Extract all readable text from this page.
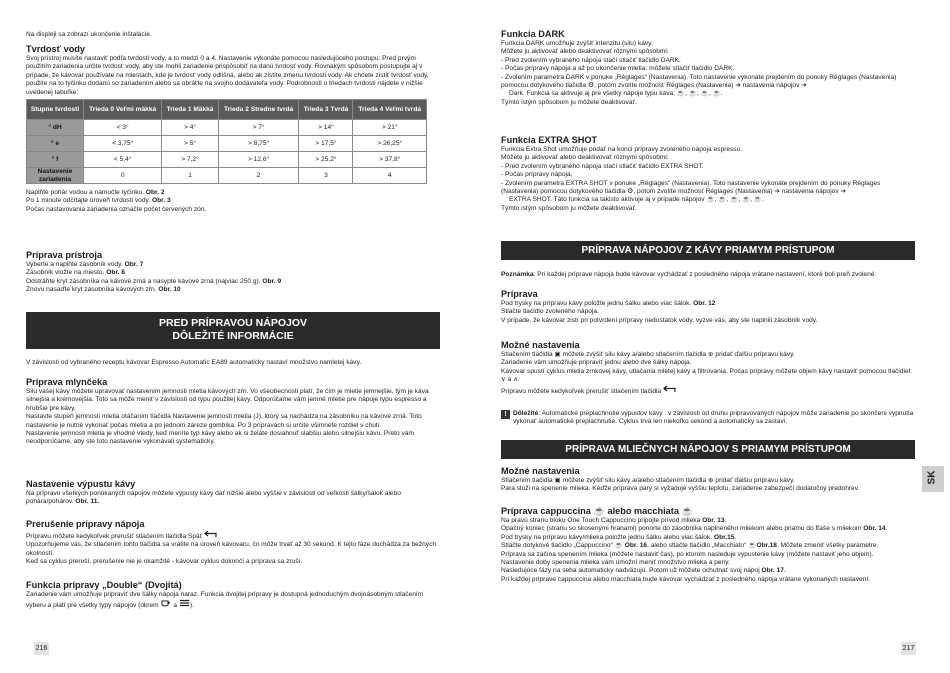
Na displeji sa zobrazí ukončenie inštalácie.

Tvrdosť vody

Svoj prístroj musíte nastaviť podľa tvrdosti vody, a to medzi 0 a 4. Nastavenie vykonáte pomocou nasledujúceho postupu: Pred prvým použitím zariadenia určite tvrdosť vody, aby ste mohli zariadenie prispôsobiť na danú tvrdosť vody. Rovnakým spôsobom postupujte aj v prípade, že kávovar používate na miestach, kde je tvrdosť vody odlišná, alebo ak zistíte zmenu tvrdosti vody. Ak chcete zistiť tvrdosť vody, použite na to tyčinku dodanú so zariadením alebo sa obráťte na svojho dodávateľa vody. Podrobnosti o triedach tvrdosti nájdete v nižšie uvedenej tabuľke:

Stupne tvrdosti	Trieda 0 Veľmi mäkká	Trieda 1 Mäkká	Trieda 2 Stredne tvrdá	Trieda 3 Tvrdá	Trieda 4 Veľmi tvrdá
° dH	< 3°	> 4°	> 7°	> 14°	> 21°
° e	< 3,75°	> 5°	> 8,75°	> 17,5°	> 26,25°
° f	< 5,4°	> 7,2°	> 12,6°	> 25,2°	> 37,8°
Nastavenie zariadenia	0	1	2	3	4

Naplňte pohár vodou a namočte tyčinku. Obr. 2

Po 1 minúte odčítajte úroveň tvrdosti vody. Obr. 3

Počas nastavovania zariadenia označte počet červených zón.

Príprava prístroja

Vyberte a naplňte zásobník vody. Obr. 7

Zásobník vložte na miesto. Obr. 8

Odstráňte kryt zásobníka na kávové zrná a nasypte kávové zrná (najviac 250 g). Obr. 9

Znovu nasaďte kryt zásobníka kávových zŕn. Obr. 10

PRED PRÍPRAVOU NÁPOJOV
DÔLEŽITÉ INFORMÁCIE

V závislosti od vybraného receptu kávovar Espresso Automatic EA89 automaticky nastaví množstvo namletej kávy.

Príprava mlynčeka

Silu vašej kávy môžete upravovať nastavením jemnosti mletia kávových zŕn. Vo všeobecnosti platí, že čím je mletie jemnejšie, tým je káva silnejšia a krémovejšia. Toto sa môže meniť v závislosti od typu použitej kávy. Odporúčame vám jemné mletie pre nápoje typu espresso a hrubšie pre kávy.

Nastavte stupeň jemnosti mletia otáčaním tlačidla Nastavenie jemnosti mletia (J), ktorý sa nachádza na zásobníku na kávové zrná. Toto nastavenie je nutné vykonať počas mletia a po jednom zárezе gombíka. Po 3 prípravách si určite všimnete rozdiel v chuti.

Nastavenie jemnosti mletia je vhodné vtedy, keď meníte typ kávy alebo ak si želáte dosiahnuť slabšiu alebo silnejšiu kávu. Preto vám neodporúčame, aby ste toto nastavenie vykonávali systematicky.

Nastavenie výpustu kávy

Na prípravu všetkých ponúkaných nápojov môžete výpusty kávy dať nižšie alebo vyššie v závislosti od veľkosti šálky/šálok alebo pohára/pohárov. Obr. 11.

Prerušenie prípravy nápoja

Prípravu môžete kedykoľvek prerušiť stlačením tlačidla Späť .

Upozorňujeme vás, že stlačením tohto tlačidla sa vrátite na úroveň kávovaru, čo môže trvať až 30 sekúnd. K tejto fáze dochádza za bežných okolností.

Keď sa cyklus preruší, prerušenie nie je okamžité - kávovar cyklus dokončí a príprava sa zruší.

Funkcia prípravy „Double“ (Dvojitá)

Zariadenie vám umožňuje pripraviť dve šálky nápoja naraz. Funkcia dvojitej prípravy je dostupná jednoduchým dvojnásobným stlačením výberu a platí pre všetky typy nápojov (okrem a ).

216

Funkcia DARK

Funkcia DARK umožňuje zvýšiť intenzitu (silu) kávy.

Môžete ju aktivovať alebo deaktivovať rôznymi spôsobmi:

- Pred zvolením vybraného nápoja stačí stlačiť tlačidlo DARK.

- Počas prípravy nápoja a až po ukončenie mletia: môžete stlačiť tlačidlo DARK.

- Zvolením parametra DARK v ponuke „Réglages“ (Nastavenia). Toto nastavenie vykonáte prejdením do ponuky Réglages (Nastavenia) pomocou dotykového tlačidla ⚙, potom zvolíte možnosť Réglages (Nastavenia) ➔ nastavenia nápojov ➔

Dark. Funkcia sa aktivuje aj pre všetky nápoje typu káva: ☕, ☕, ☕, ☕.

Týmto istým spôsobom ju môžete deaktivovať.

Funkcia EXTRA SHOT

Funkcia Extra Shot umožňuje pridať na konci prípravy zvoleného nápoja espresso.

Môžete ju aktivovať alebo deaktivovať rôznymi spôsobmi:

- Pred zvolením vybraného nápoja stačí stlačiť tlačidlo EXTRA SHOT.

- Počas prípravy nápoja,

- Zvolením parametra EXTRA SHOT v ponuke „Réglages“ (Nastavenia). Toto nastavenie vykonáte prejdením do ponuky Réglages (Nastavenia) pomocou dotykového tlačidla ⚙, potom zvolíte možnosť Réglages (Nastavenia) ➔ nastavenia nápojov ➔

EXTRA SHOT. Táto funkcia sa takisto aktivuje aj v prípade nápojov ☕, ☕, ☕, ☕, ☕.

Týmto istým spôsobom ju môžete deaktivovať.

PRÍPRAVA NÁPOJOV Z KÁVY PRIAMYM PRÍSTUPOM

Poznámka: Pri každej príprave nápoja bude kávovar vychádzať z posledného nápoja vrátane nastavení, ktoré boli preň zvolené.

Príprava

Pod trysky na prípravu kávy položte jednu šálku alebo viac šálok. Obr. 12

Stlačte tlačidlo zvoleného nápoja.

V prípade, že kávovar zistí pri potvrdení prípravy nedostatok vody, vyzve vás, aby ste naplnili zásobník vody.

Možné nastavenia

Stlačením tlačidla ▣ môžete zvýšiť silu kávy a/alebo stlačením tlačidla ⊕ pridať ďalšiu prípravu kávy.

Zariadenie vám umožňuje pripraviť jednu alebo dve šálky nápoja.

Kávovar spustí cyklus mletia zrnkovej kávy, utlačania mletej kávy a filtrovania. Počas prípravy môžete objem kávy nastaviť pomocou tlačidiel: ∨ a ∧.

Prípravu môžete kedykoľvek prerušiť stlačením tlačidla

! Dôležité: Automatické preplachnutie výpustov kávy : v závislosti od druhu pripravovaných nápojov môže zariadenie po skončení vypnutia vykonať automatické preplachnutie. Cyklus trvá len niekoľko sekúnd a automaticky sa zastaví.

PRÍPRAVA MLIEČNYCH NÁPOJOV S PRIAMYM PRÍSTUPOM

Možné nastavenia

Stlačením tlačidla ▣ môžete zvýšiť silu kávy a/alebo stlačením tlačidla ⊕ pridať ďalšiu prípravu kávy.

Para slúži na spenenie mlieka. Keďže príprava pary si vyžaduje vyššiu teplotu, zariadenie zabezpečí dodatočný predohrev.

Príprava cappuccina ☕ alebo macchiata ☕

Na pravú stranu bloku One Touch Cappuccino pripojte prívod mlieka Obr. 13.

Opačný koniec (stranu so skosenými hranami) ponorte do zásobníka naplneného mliekom alebo priamo do fľaše s mliekom Obr. 14.

Pod trysky na prípravu kávy/mlieka položte jednu šálku alebo viac šálok. Obr.15.

Stlačte dotykové tlačidlo „Cappuccino“ ☕ Obr. 16. alebo stlačte tlačidlo „Macchiato“ ☕Obr.18. Môžete zmeniť všetky parametre.

Príprava sa začína spenením mlieka (môžete nastaviť čas), po ktorom nasleduje vypustenie kávy (môžete nastaviť jeho objem).

Nastavenie doby spenenia mlieka vám umožní meniť množstvo mlieka a peny.

Nasledujúce fázy na seba automaticky nadväzujú. Potom už môžete ochutnať svoj nápoj Obr. 17.

Pri každej príprave cappuccina alebo macchiata bude kávovar vychádzať z posledného nápoja vrátane vykonaných nastavení.

217
SK
